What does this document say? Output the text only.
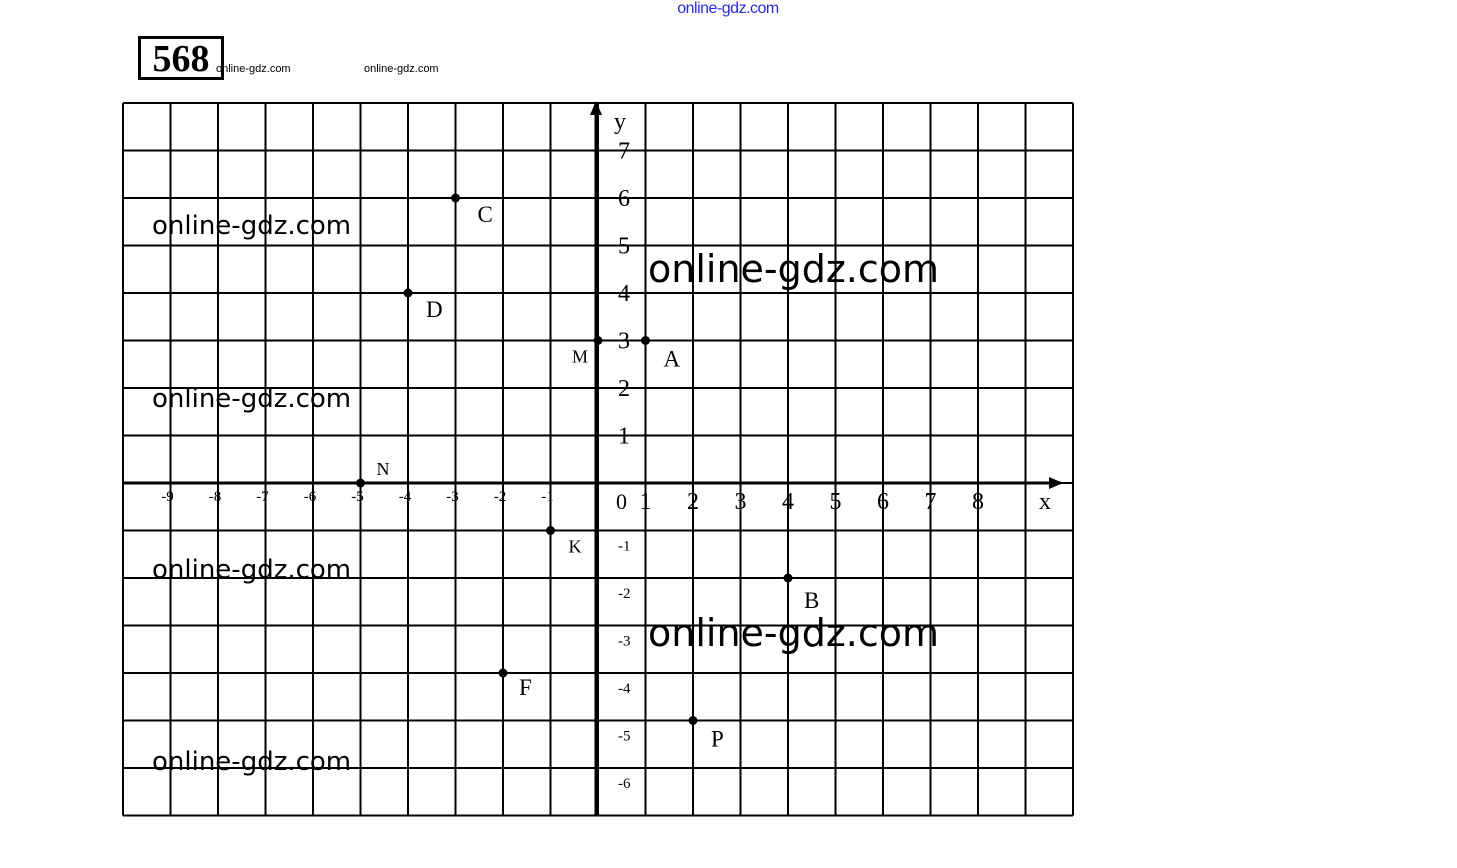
online-gdz.com
568 online-gdz.com	online-gdz.com
x
y
0
-9 -8 -7 -6 -5 -4 -3 -2 -1	1 2 3 4 5 6 7 8
7
6
5
4
3
2
1
-1
-2
-3
-4
-5
-6
C
D
M	A
N
K
B
F
P
online-gdz.com
online-gdz.com
online-gdz.com
online-gdz.com
online-gdz.com
online-gdz.com
